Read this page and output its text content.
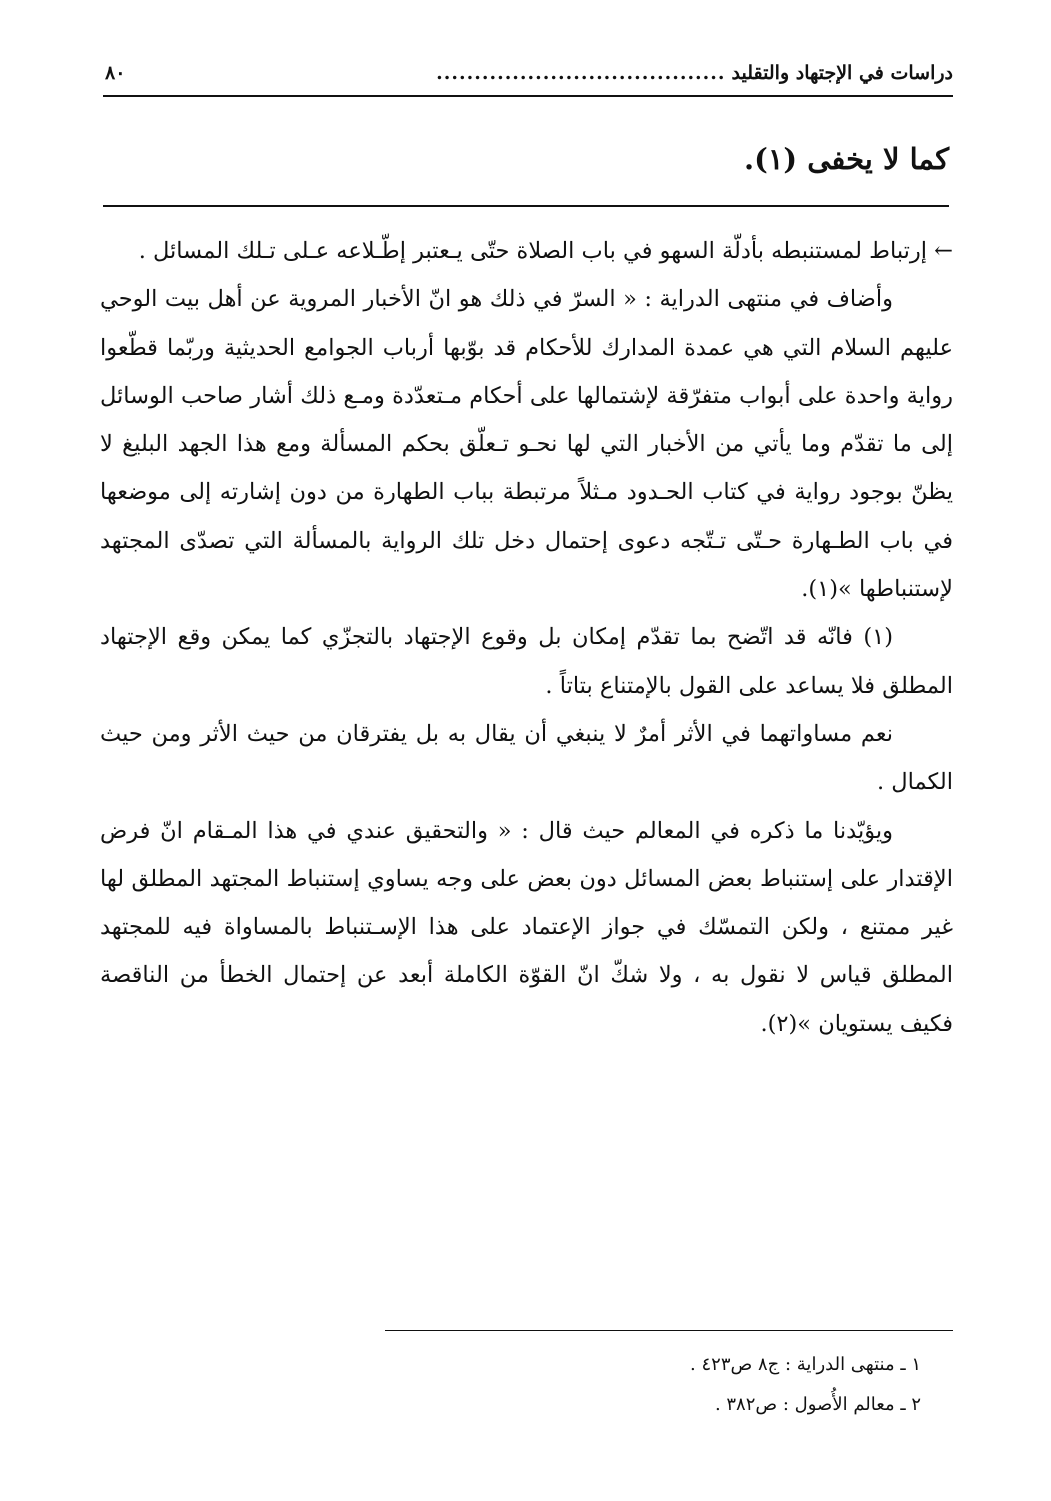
دراسات في الإجتهاد والتقليد
......................................
٨٠
كما لا يخفى (١).

← إرتباط لمستنبطه بأدلّة السهو في باب الصلاة حتّى يـعتبر إطّـلاعه عـلى تـلك المسائل .

وأضاف في منتهى الدراية : « السرّ في ذلك هو انّ الأخبار المروية عن أهل بيت الوحي عليهم السلام التي هي عمدة المدارك للأحكام قد بوّبها أرباب الجوامع الحديثية وربّما قطّعوا رواية واحدة على أبواب متفرّقة لإشتمالها على أحكام مـتعدّدة ومـع ذلك أشار صاحب الوسائل إلى ما تقدّم وما يأتي من الأخبار التي لها نحـو تـعلّق بحكم المسألة ومع هذا الجهد البليغ لا يظنّ بوجود رواية في كتاب الحـدود مـثلاً مرتبطة بباب الطهارة من دون إشارته إلى موضعها في باب الطـهارة حـتّى تـتّجه دعوى إحتمال دخل تلك الرواية بالمسألة التي تصدّى المجتهد لإستنباطها »(١).

(١) فانّه قد اتّضح بما تقدّم إمكان بل وقوع الإجتهاد بالتجزّي كما يمكن وقع الإجتهاد المطلق فلا يساعد على القول بالإمتناع بتاتاً .

نعم مساواتهما في الأثر أمرٌ لا ينبغي أن يقال به بل يفترقان من حيث الأثر ومن حيث الكمال .

ويؤيّدنا ما ذكره في المعالم حيث قال : « والتحقيق عندي في هذا المـقام انّ فرض الإقتدار على إستنباط بعض المسائل دون بعض على وجه يساوي إستنباط المجتهد المطلق لها غير ممتنع ، ولكن التمسّك في جواز الإعتماد على هذا الإسـتنباط بالمساواة فيه للمجتهد المطلق قياس لا نقول به ، ولا شكّ انّ القوّة الكاملة أبعد عن إحتمال الخطأ من الناقصة فكيف يستويان »(٢).

١ ـ منتهى الدراية : ج٨ ص٤٢٣ .

٢ ـ معالم الأُصول : ص٣٨٢ .
